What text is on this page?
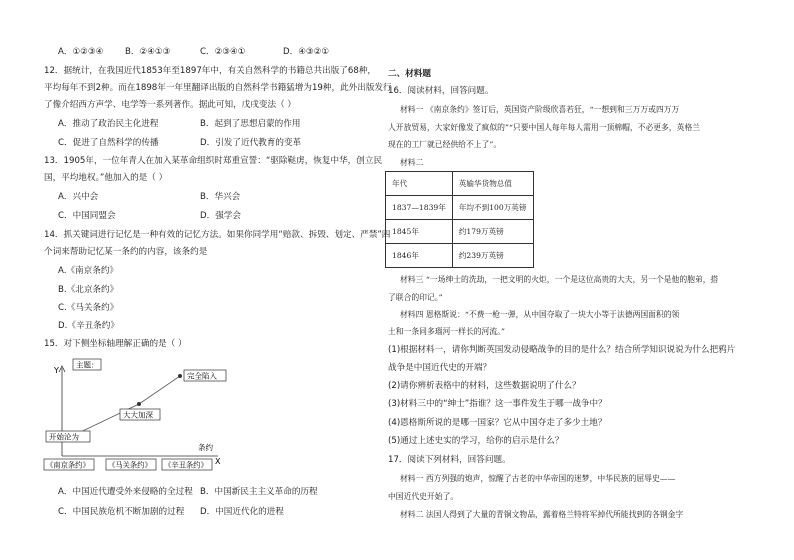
A．①②③④	B．②④①③	C．②③④①	D．④③②①
12．据统计，在我国近代1853年至1897年中，有关自然科学的书籍总共出版了68种，
平均每年不到2种。而在1898年一年里翻译出版的自然科学书籍猛增为19种，此外出版发行
了像介绍西方声学、电学等一系列著作。据此可知，戊戌变法（ ）
A．推动了政治民主化进程	B．起到了思想启蒙的作用
C．促进了自然科学的传播	D．引发了近代教育的变革
13．1905年，一位年青人在加入某革命组织时郑重宣誓：“驱除鞑虏，恢复中华，创立民
国，平均地权。”他加入的是（ ）
A．兴中会	B．华兴会
C．中国同盟会	D．强学会
14．抓关键词进行记忆是一种有效的记忆方法。如果你同学用“赔款、拆毁、划定、严禁”四
个词来帮助记忆某一条约的内容，该条约是
A.《南京条约》
B.《北京条约》
C.《马关条约》
D.《辛丑条约》
15．对下侧坐标轴理解正确的是（ ）
Y
X
条约
主题：
开始沦为
大大加深
完全陷入
《南京条约》 《马关条约》 《辛丑条约》
A．中国近代遭受外来侵略的全过程 B．中国新民主主义革命的历程
C．中国民族危机不断加剧的过程 D．中国近代化的进程
二、材料题
16．阅读材料，回答问题。
材料一 《南京条约》签订后，英国资产阶级欣喜若狂，“一想到和三万万或四万万
人开放贸易，大家好像发了疯似的”“只要中国人每年每人需用一顶棉帽，不必更多，英格兰
现在的工厂就已经供给不上了”。
材料二
年代	英输华货物总值
1837—1839年	年均不到100万英镑
1845年	约179万英镑
1846年	约239万英镑
材料三 “一场绅士的洗劫，一把文明的火炬，一个是这位高贵的大夫，另一个是他的胞弟，搭
了联合的印记。”
材料四 恩格斯说：“不费一枪一弹，从中国夺取了一块大小等于法德两国面积的领
土和一条同多瑙河一样长的河流。”
(1)根据材料一，请你判断英国发动侵略战争的目的是什么？结合所学知识说说为什么把鸦片
战争是中国近代史的开端？
(2)请你辨析表格中的材料，这些数据说明了什么？
(3)材料三中的“绅士”指谁？这一事件发生于哪一战争中？
(4)恩格斯所说的是哪一国家？它从中国夺走了多少土地？
(5)通过上述史实的学习，给你的启示是什么？
17．阅读下列材料，回答问题。
材料一 西方列强的炮声，惊醒了古老的中华帝国的迷梦，中华民族的屈辱史——
中国近代史开始了。
材料二 法国人得到了大量的青铜文物品，露着格兰特将军掉代所能找到的各钢金字
